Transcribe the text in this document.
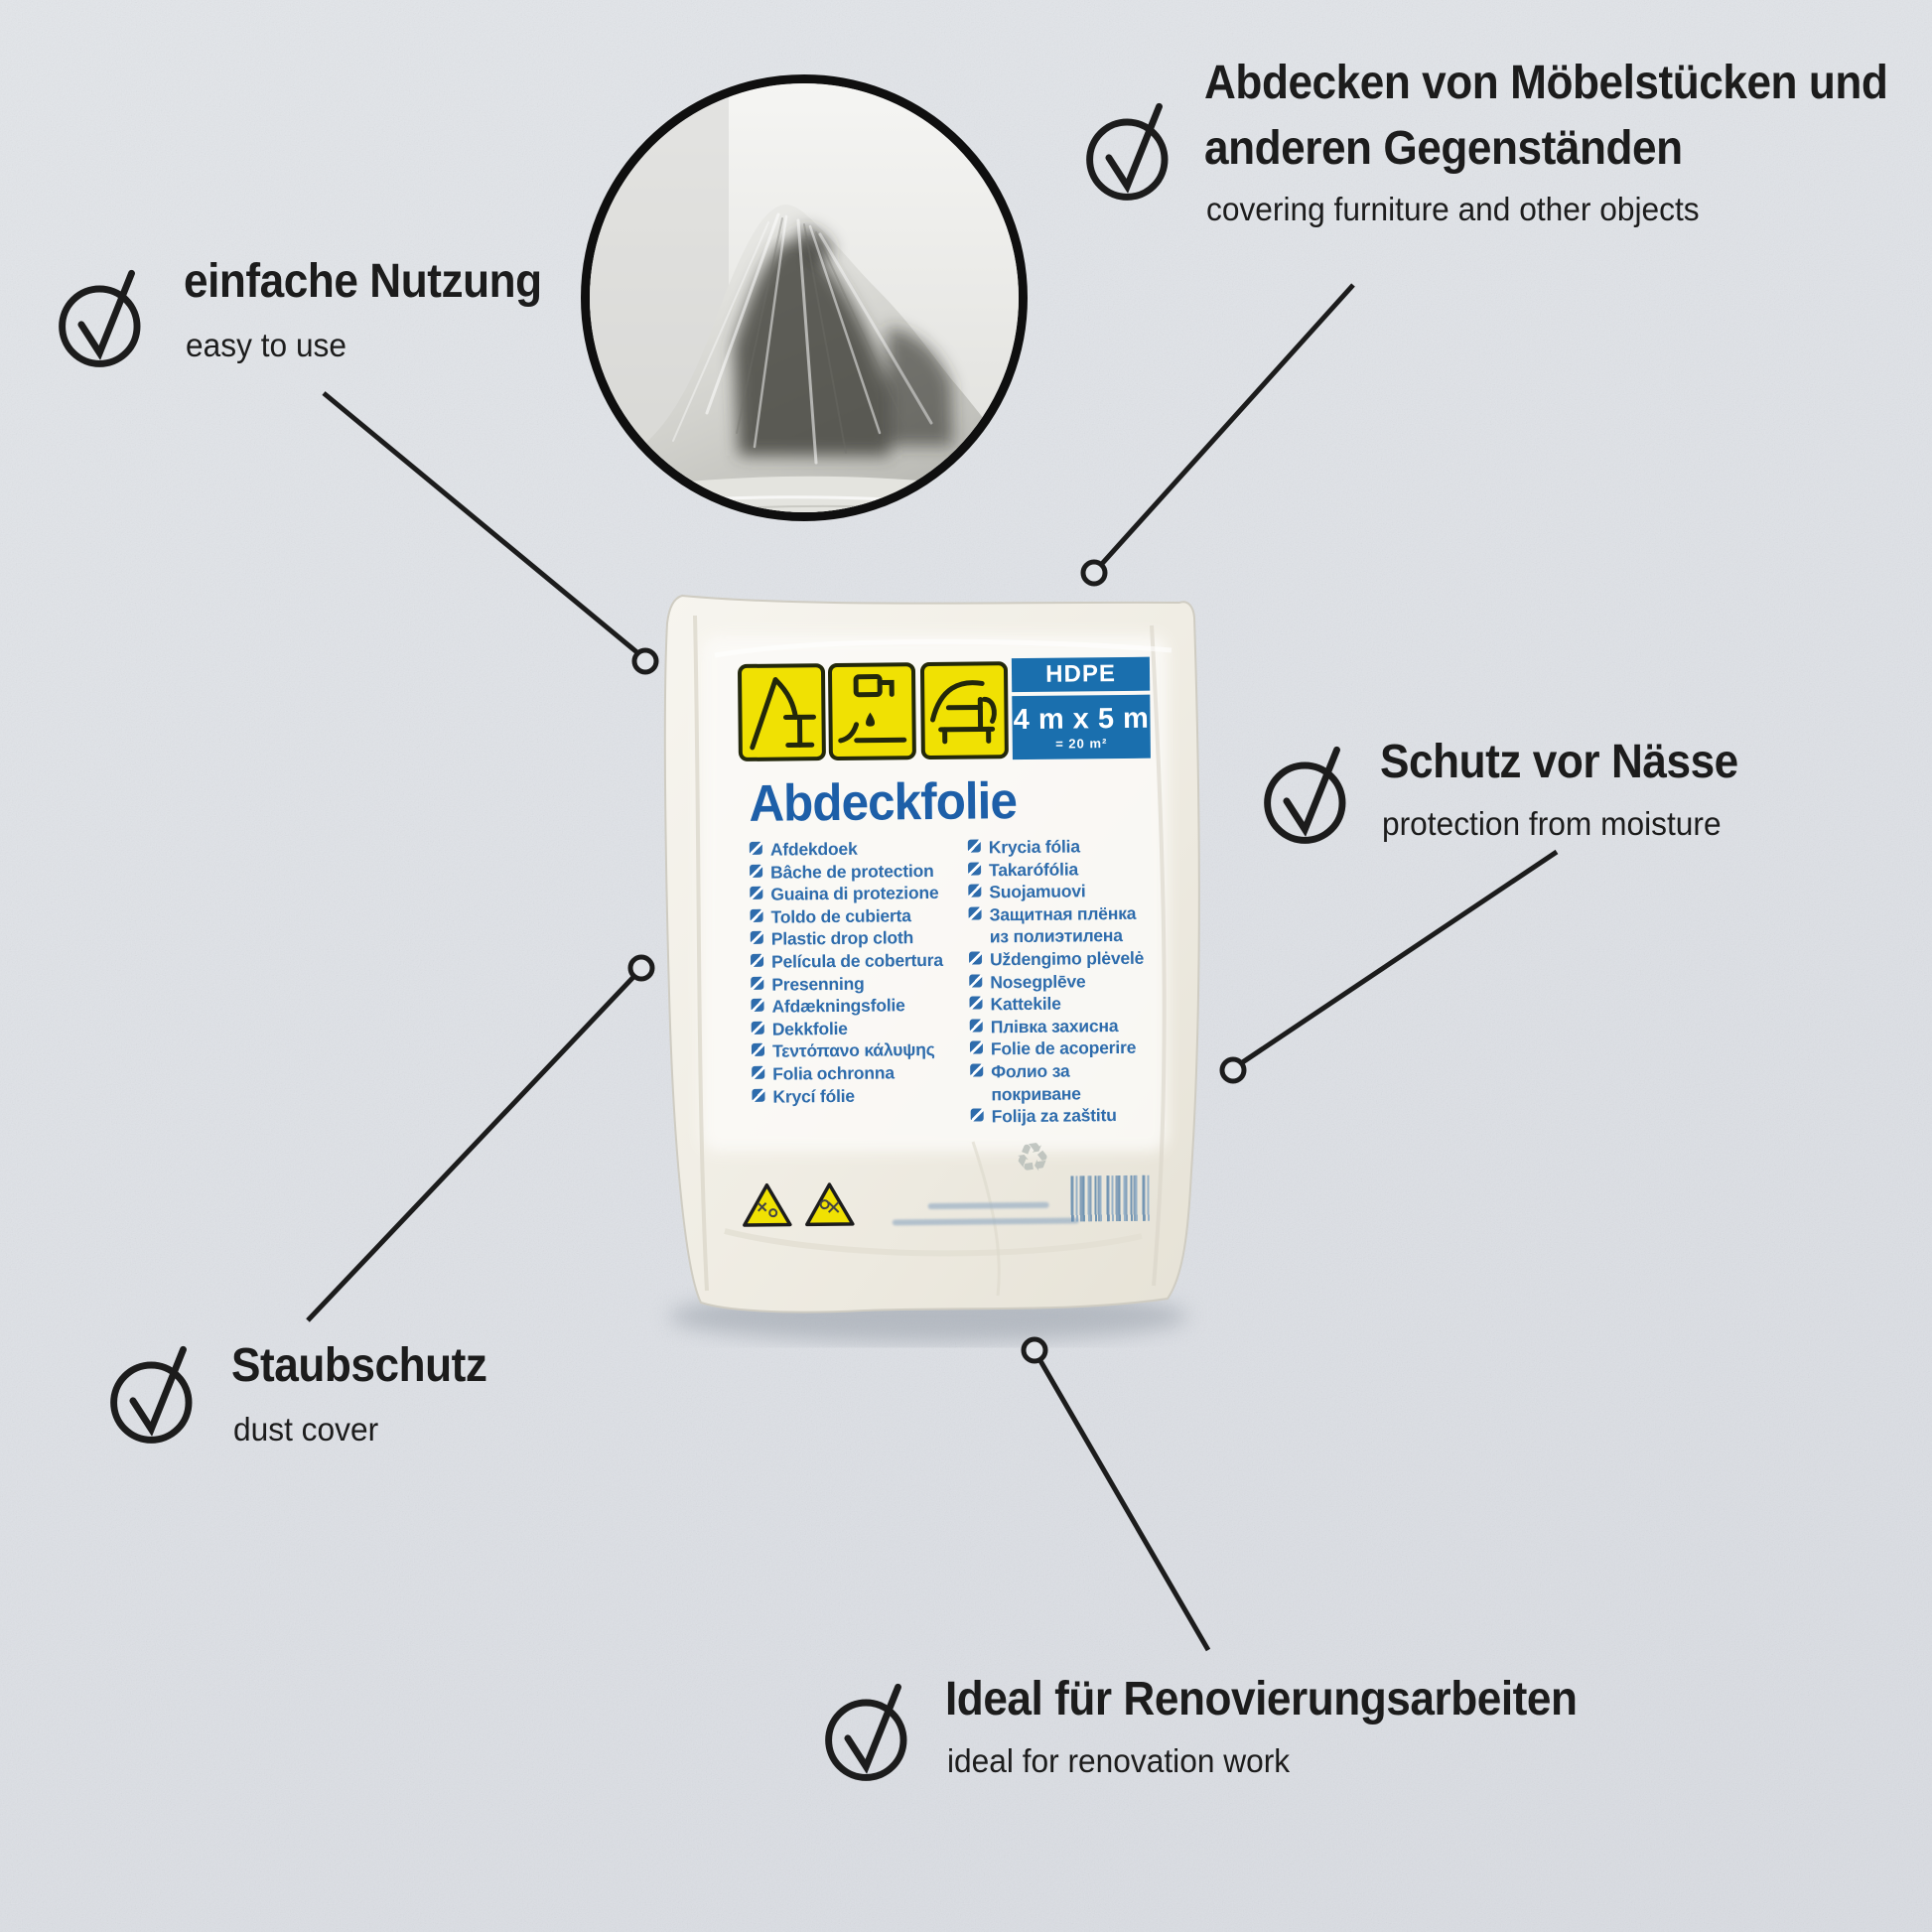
HDPE
4 m x 5 m
= 20 m²
Abdeckfolie
Afdekdoek
Bâche de protection
Guaina di protezione
Toldo de cubierta
Plastic drop cloth
Película de cobertura
Presenning
Afdækningsfolie
Dekkfolie
Τεντόπανο κάλυψης
Folia ochronna
Krycí fólie
Krycia fólia
Takarófólia
Suojamuovi
Защитная плёнка из полиэтилена
Uždengimo plėvelė
Nosegplēve
Kattekile
Плівка захисна
Folie de acoperire
Фолио за покриване
Folija za zaštitu
♻
Abdecken von Möbelstücken und
anderen Gegenständen
covering furniture and other objects
einfache Nutzung
easy to use
Schutz vor Nässe
protection from moisture
Staubschutz
dust cover
Ideal für Renovierungsarbeiten
ideal for renovation work
